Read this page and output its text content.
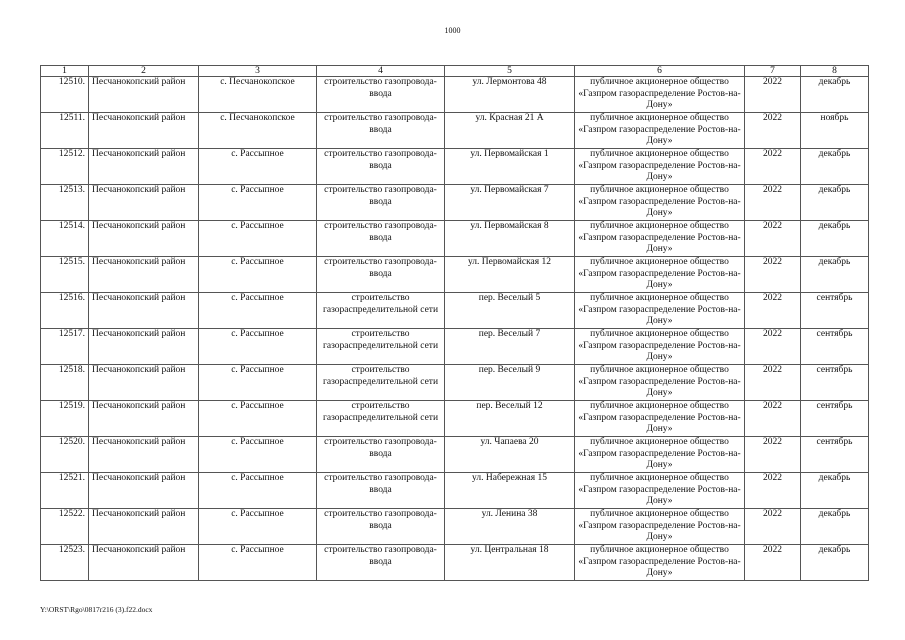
1000
1	2	3	4	5	6	7	8
12510.	Песчанокопский район	с. Песчанокопское	строительство газопровода-ввода	ул. Лермонтова 48	публичное акционерное общество «Газпром газораспределение Ростов-на-Дону»	2022	декабрь
12511.	Песчанокопский район	с. Песчанокопское	строительство газопровода-ввода	ул. Красная 21 А	публичное акционерное общество «Газпром газораспределение Ростов-на-Дону»	2022	ноябрь
12512.	Песчанокопский район	с. Рассыпное	строительство газопровода-ввода	ул. Первомайская 1	публичное акционерное общество «Газпром газораспределение Ростов-на-Дону»	2022	декабрь
12513.	Песчанокопский район	с. Рассыпное	строительство газопровода-ввода	ул. Первомайская 7	публичное акционерное общество «Газпром газораспределение Ростов-на-Дону»	2022	декабрь
12514.	Песчанокопский район	с. Рассыпное	строительство газопровода-ввода	ул. Первомайская 8	публичное акционерное общество «Газпром газораспределение Ростов-на-Дону»	2022	декабрь
12515.	Песчанокопский район	с. Рассыпное	строительство газопровода-ввода	ул. Первомайская 12	публичное акционерное общество «Газпром газораспределение Ростов-на-Дону»	2022	декабрь
12516.	Песчанокопский район	с. Рассыпное	строительство газораспределительной сети	пер. Веселый 5	публичное акционерное общество «Газпром газораспределение Ростов-на-Дону»	2022	сентябрь
12517.	Песчанокопский район	с. Рассыпное	строительство газораспределительной сети	пер. Веселый 7	публичное акционерное общество «Газпром газораспределение Ростов-на-Дону»	2022	сентябрь
12518.	Песчанокопский район	с. Рассыпное	строительство газораспределительной сети	пер. Веселый 9	публичное акционерное общество «Газпром газораспределение Ростов-на-Дону»	2022	сентябрь
12519.	Песчанокопский район	с. Рассыпное	строительство газораспределительной сети	пер. Веселый 12	публичное акционерное общество «Газпром газораспределение Ростов-на-Дону»	2022	сентябрь
12520.	Песчанокопский район	с. Рассыпное	строительство газопровода-ввода	ул. Чапаева 20	публичное акционерное общество «Газпром газораспределение Ростов-на-Дону»	2022	сентябрь
12521.	Песчанокопский район	с. Рассыпное	строительство газопровода-ввода	ул. Набережная 15	публичное акционерное общество «Газпром газораспределение Ростов-на-Дону»	2022	декабрь
12522.	Песчанокопский район	с. Рассыпное	строительство газопровода-ввода	ул. Ленина 38	публичное акционерное общество «Газпром газораспределение Ростов-на-Дону»	2022	декабрь
12523.	Песчанокопский район	с. Рассыпное	строительство газопровода-ввода	ул. Центральная 18	публичное акционерное общество «Газпром газораспределение Ростов-на-Дону»	2022	декабрь
Y:\ORST\Rgo\0817r216 (3).f22.docx
